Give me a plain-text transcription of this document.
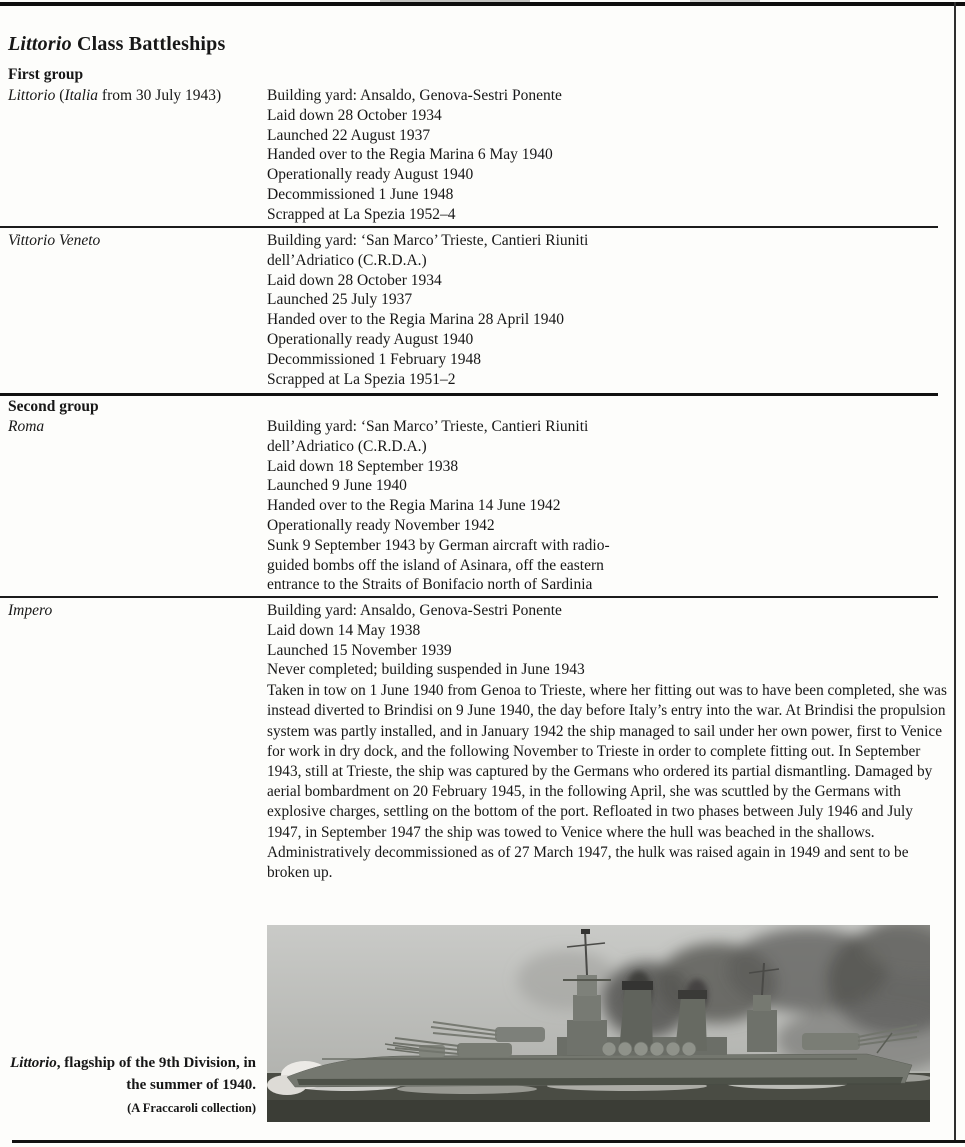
Littorio Class Battleships
First group
Littorio (Italia from 30 July 1943)	Building yard: Ansaldo, Genova-Sestri Ponente
Laid down 28 October 1934
Launched 22 August 1937
Handed over to the Regia Marina 6 May 1940
Operationally ready August 1940
Decommissioned 1 June 1948
Scrapped at La Spezia 1952–4
Vittorio Veneto	Building yard: ‘San Marco’ Trieste, Cantieri Riuniti
dell’Adriatico (C.R.D.A.)
Laid down 28 October 1934
Launched 25 July 1937
Handed over to the Regia Marina 28 April 1940
Operationally ready August 1940
Decommissioned 1 February 1948
Scrapped at La Spezia 1951–2
Second group
Roma	Building yard: ‘San Marco’ Trieste, Cantieri Riuniti
dell’Adriatico (C.R.D.A.)
Laid down 18 September 1938
Launched 9 June 1940
Handed over to the Regia Marina 14 June 1942
Operationally ready November 1942
Sunk 9 September 1943 by German aircraft with radio-
guided bombs off the island of Asinara, off the eastern
entrance to the Straits of Bonifacio north of Sardinia
Impero	Building yard: Ansaldo, Genova-Sestri Ponente
Laid down 14 May 1938
Launched 15 November 1939
Never completed; building suspended in June 1943
Taken in tow on 1 June 1940 from Genoa to Trieste, where her fitting out was to have been completed, she was instead diverted to Brindisi on 9 June 1940, the day before Italy’s entry into the war. At Brindisi the propulsion system was partly installed, and in January 1942 the ship managed to sail under her own power, first to Venice for work in dry dock, and the following November to Trieste in order to complete fitting out. In September 1943, still at Trieste, the ship was captured by the Germans who ordered its partial dismantling. Damaged by aerial bombardment on 20 February 1945, in the following April, she was scuttled by the Germans with explosive charges, settling on the bottom of the port. Refloated in two phases between July 1946 and July 1947, in September 1947 the ship was towed to Venice where the hull was beached in the shallows. Administratively decommissioned as of 27 March 1947, the hulk was raised again in 1949 and sent to be broken up.
Littorio, flagship of the 9th Division, in the summer of 1940.
(A Fraccaroli collection)
